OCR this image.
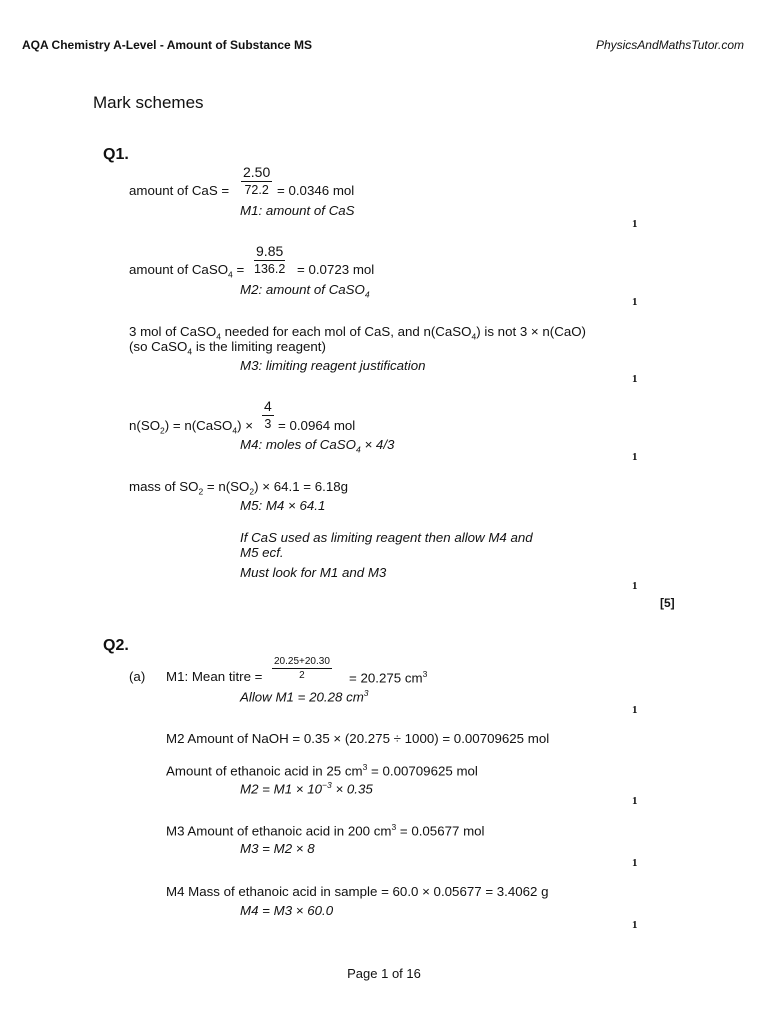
AQA Chemistry A-Level - Amount of Substance MS	PhysicsAndMathsTutor.com
Mark schemes
Q1.
amount of CaS = $\frac{2.50}{72.2} = 0.0346$ mol
M1: amount of CaS
1
amount of CaSO$_4$ = $\frac{9.85}{136.2} = 0.0723$ mol
M2: amount of CaSO$_4$
1
3 mol of CaSO$_4$ needed for each mol of CaS, and n(CaSO$_4$) is not 3 × n(CaO)
(so CaSO$_4$ is the limiting reagent)
M3: limiting reagent justification
1
$n(SO_2)$ = n(CaSO$_4$) × $\frac{4}{3} = 0.0964$ mol
M4: moles of CaSO$_4$ × 4/3
1
mass of $SO_2 = n(SO_2) \times 64.1 = 6.18g$
M5: M4 × 64.1
If CaS used as limiting reagent then allow M4 and
M5 ecf.
Must look for M1 and M3
1
[5]
Q2.
(a) M1: Mean titre = $\frac{20.25+20.30}{2} = 20.275$ $cm^3$
Allow M1 = 20.28 $cm^3$
1
M2 Amount of NaOH = 0.35 × (20.275 ÷ 1000) = 0.00709625 mol
Amount of ethanoic acid in 25 $cm^3 = 0.00709625$ mol
$M2 = M1 \times 10^{-3} \times 0.35$
1
M3 Amount of ethanoic acid in 200 $cm^3 = 0.05677$ mol
M3 = M2 × 8
1
M4 Mass of ethanoic acid in sample = 60.0 × 0.05677 = 3.4062 g
M4 = M3 × 60.0
1
Page 1 of 16
